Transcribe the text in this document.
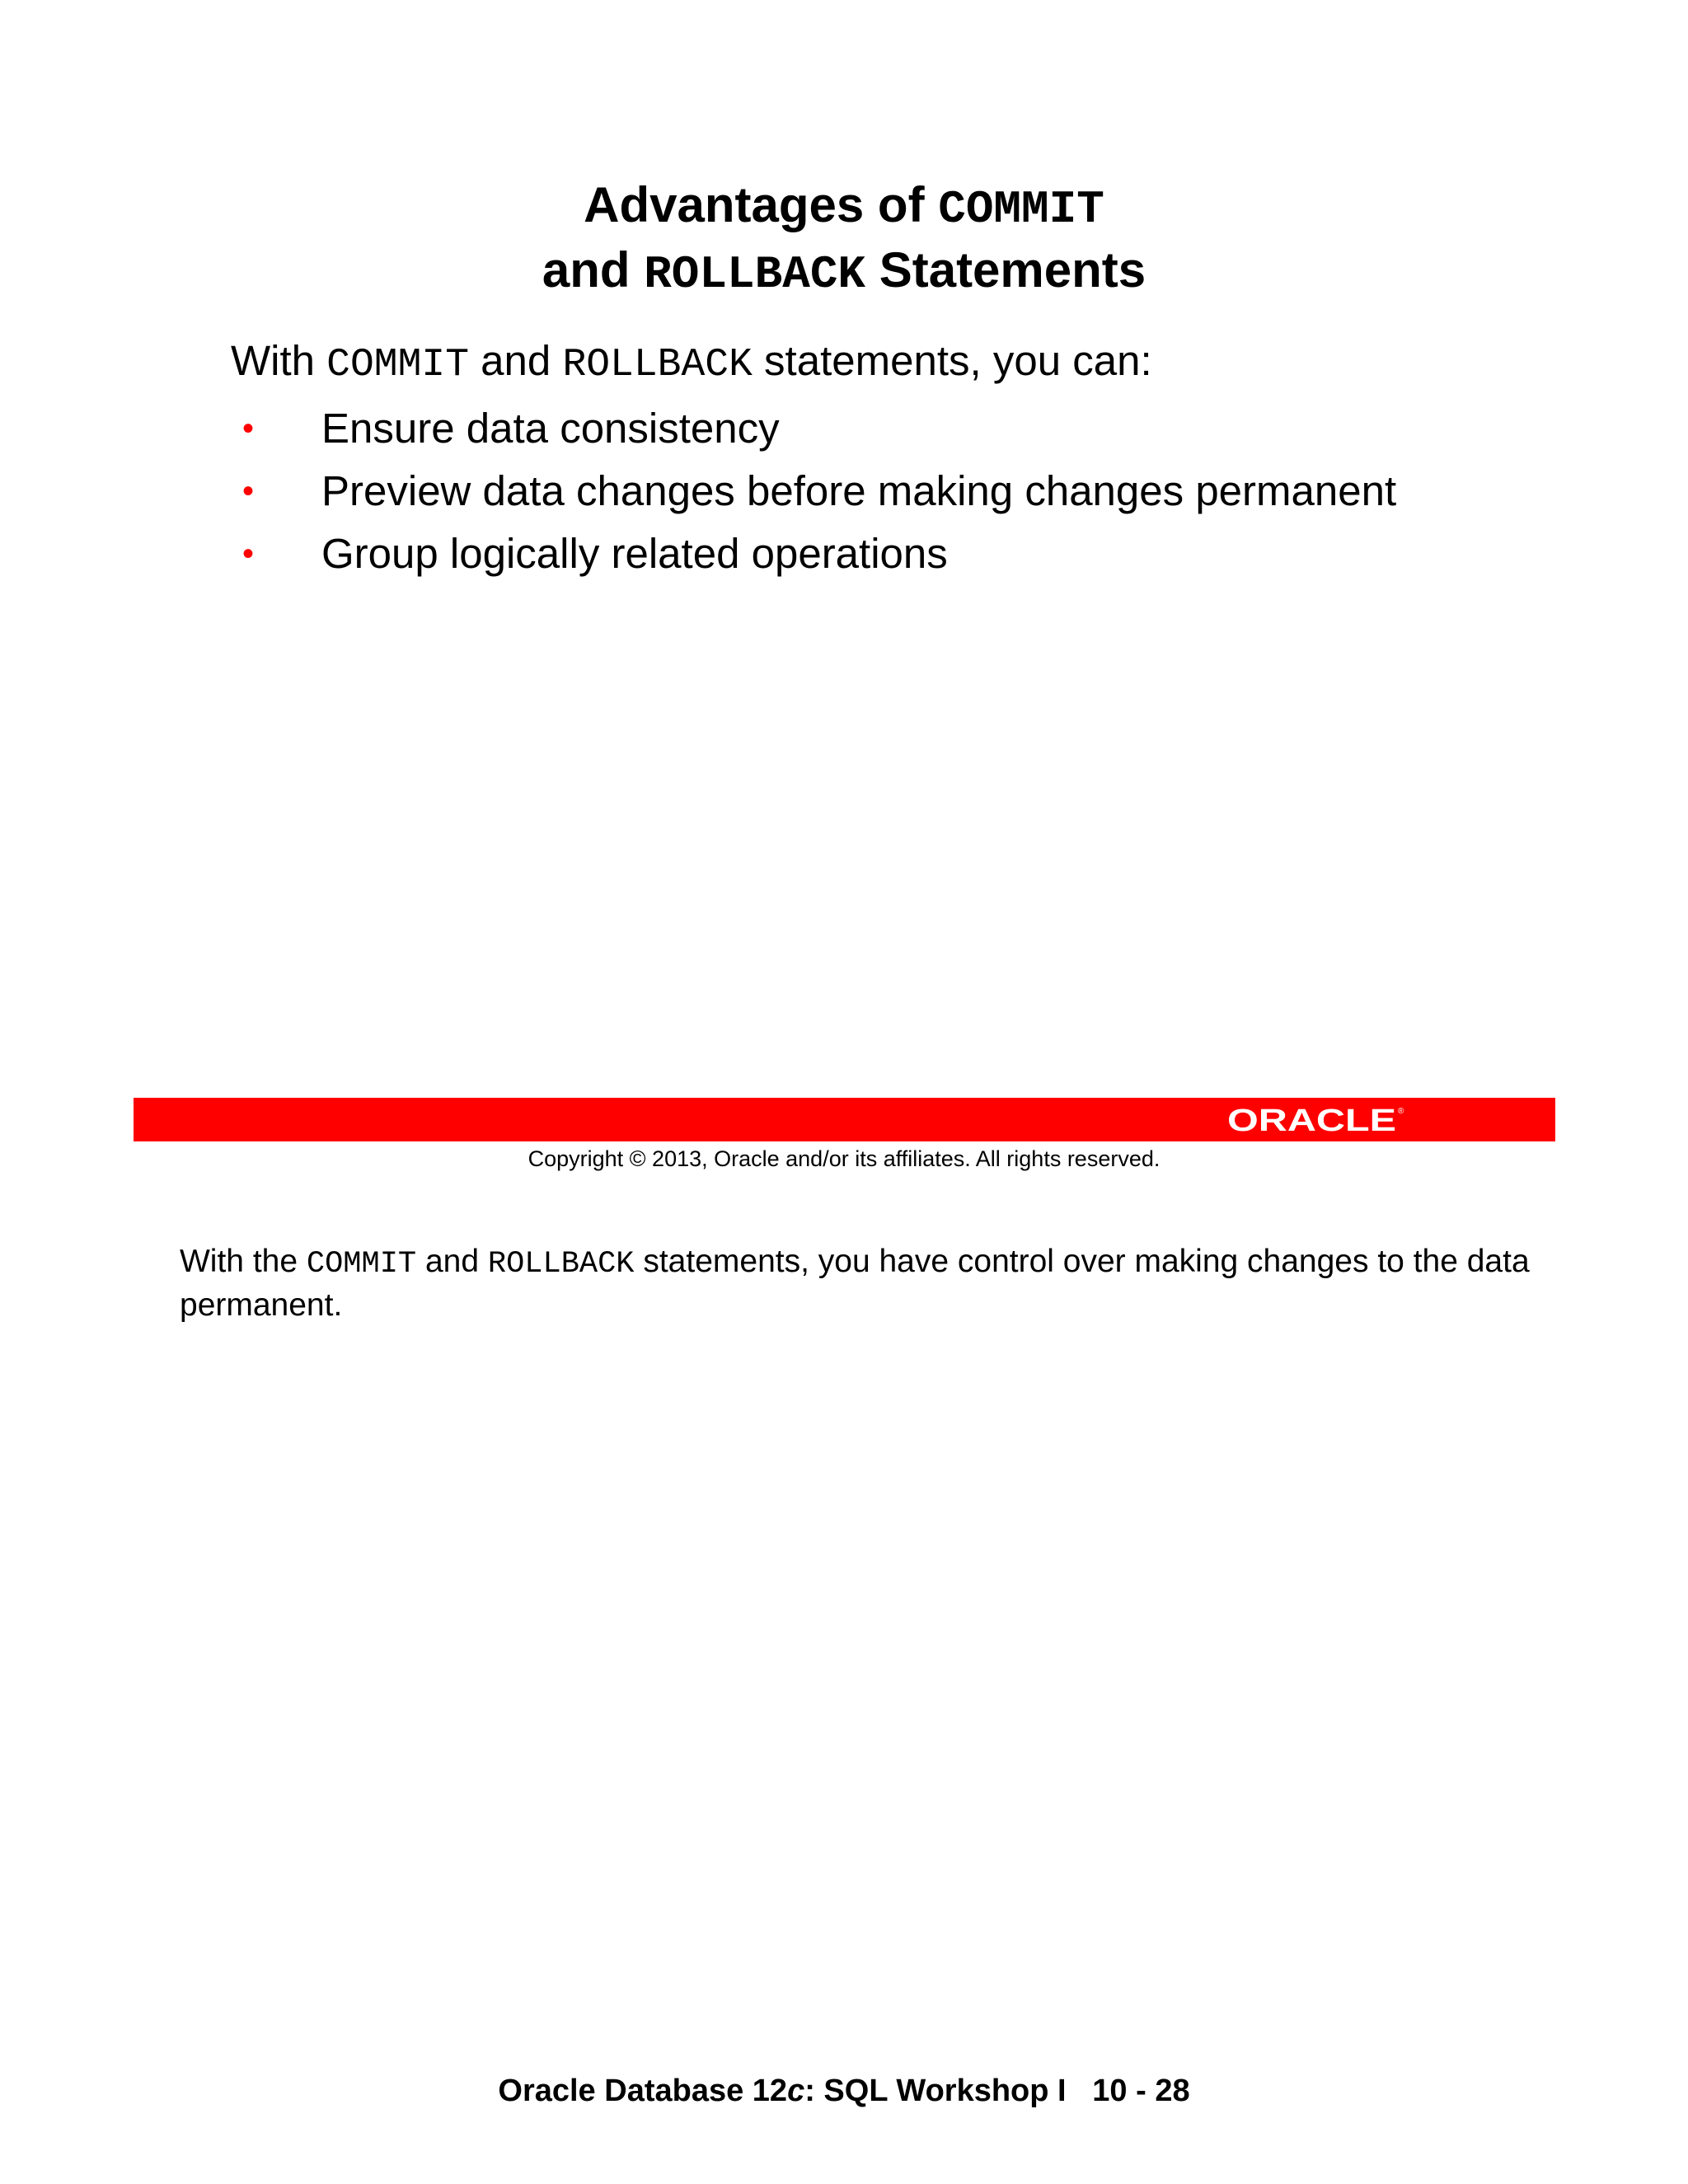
Advantages of COMMIT
and ROLLBACK Statements
With COMMIT and ROLLBACK statements, you can:
• Ensure data consistency
• Preview data changes before making changes permanent
• Group logically related operations
ORACLE ®
Copyright © 2013, Oracle and/or its affiliates. All rights reserved.
With the COMMIT and ROLLBACK statements, you have control over making changes to the data permanent.
Oracle Database 12c: SQL Workshop I 10 - 28
